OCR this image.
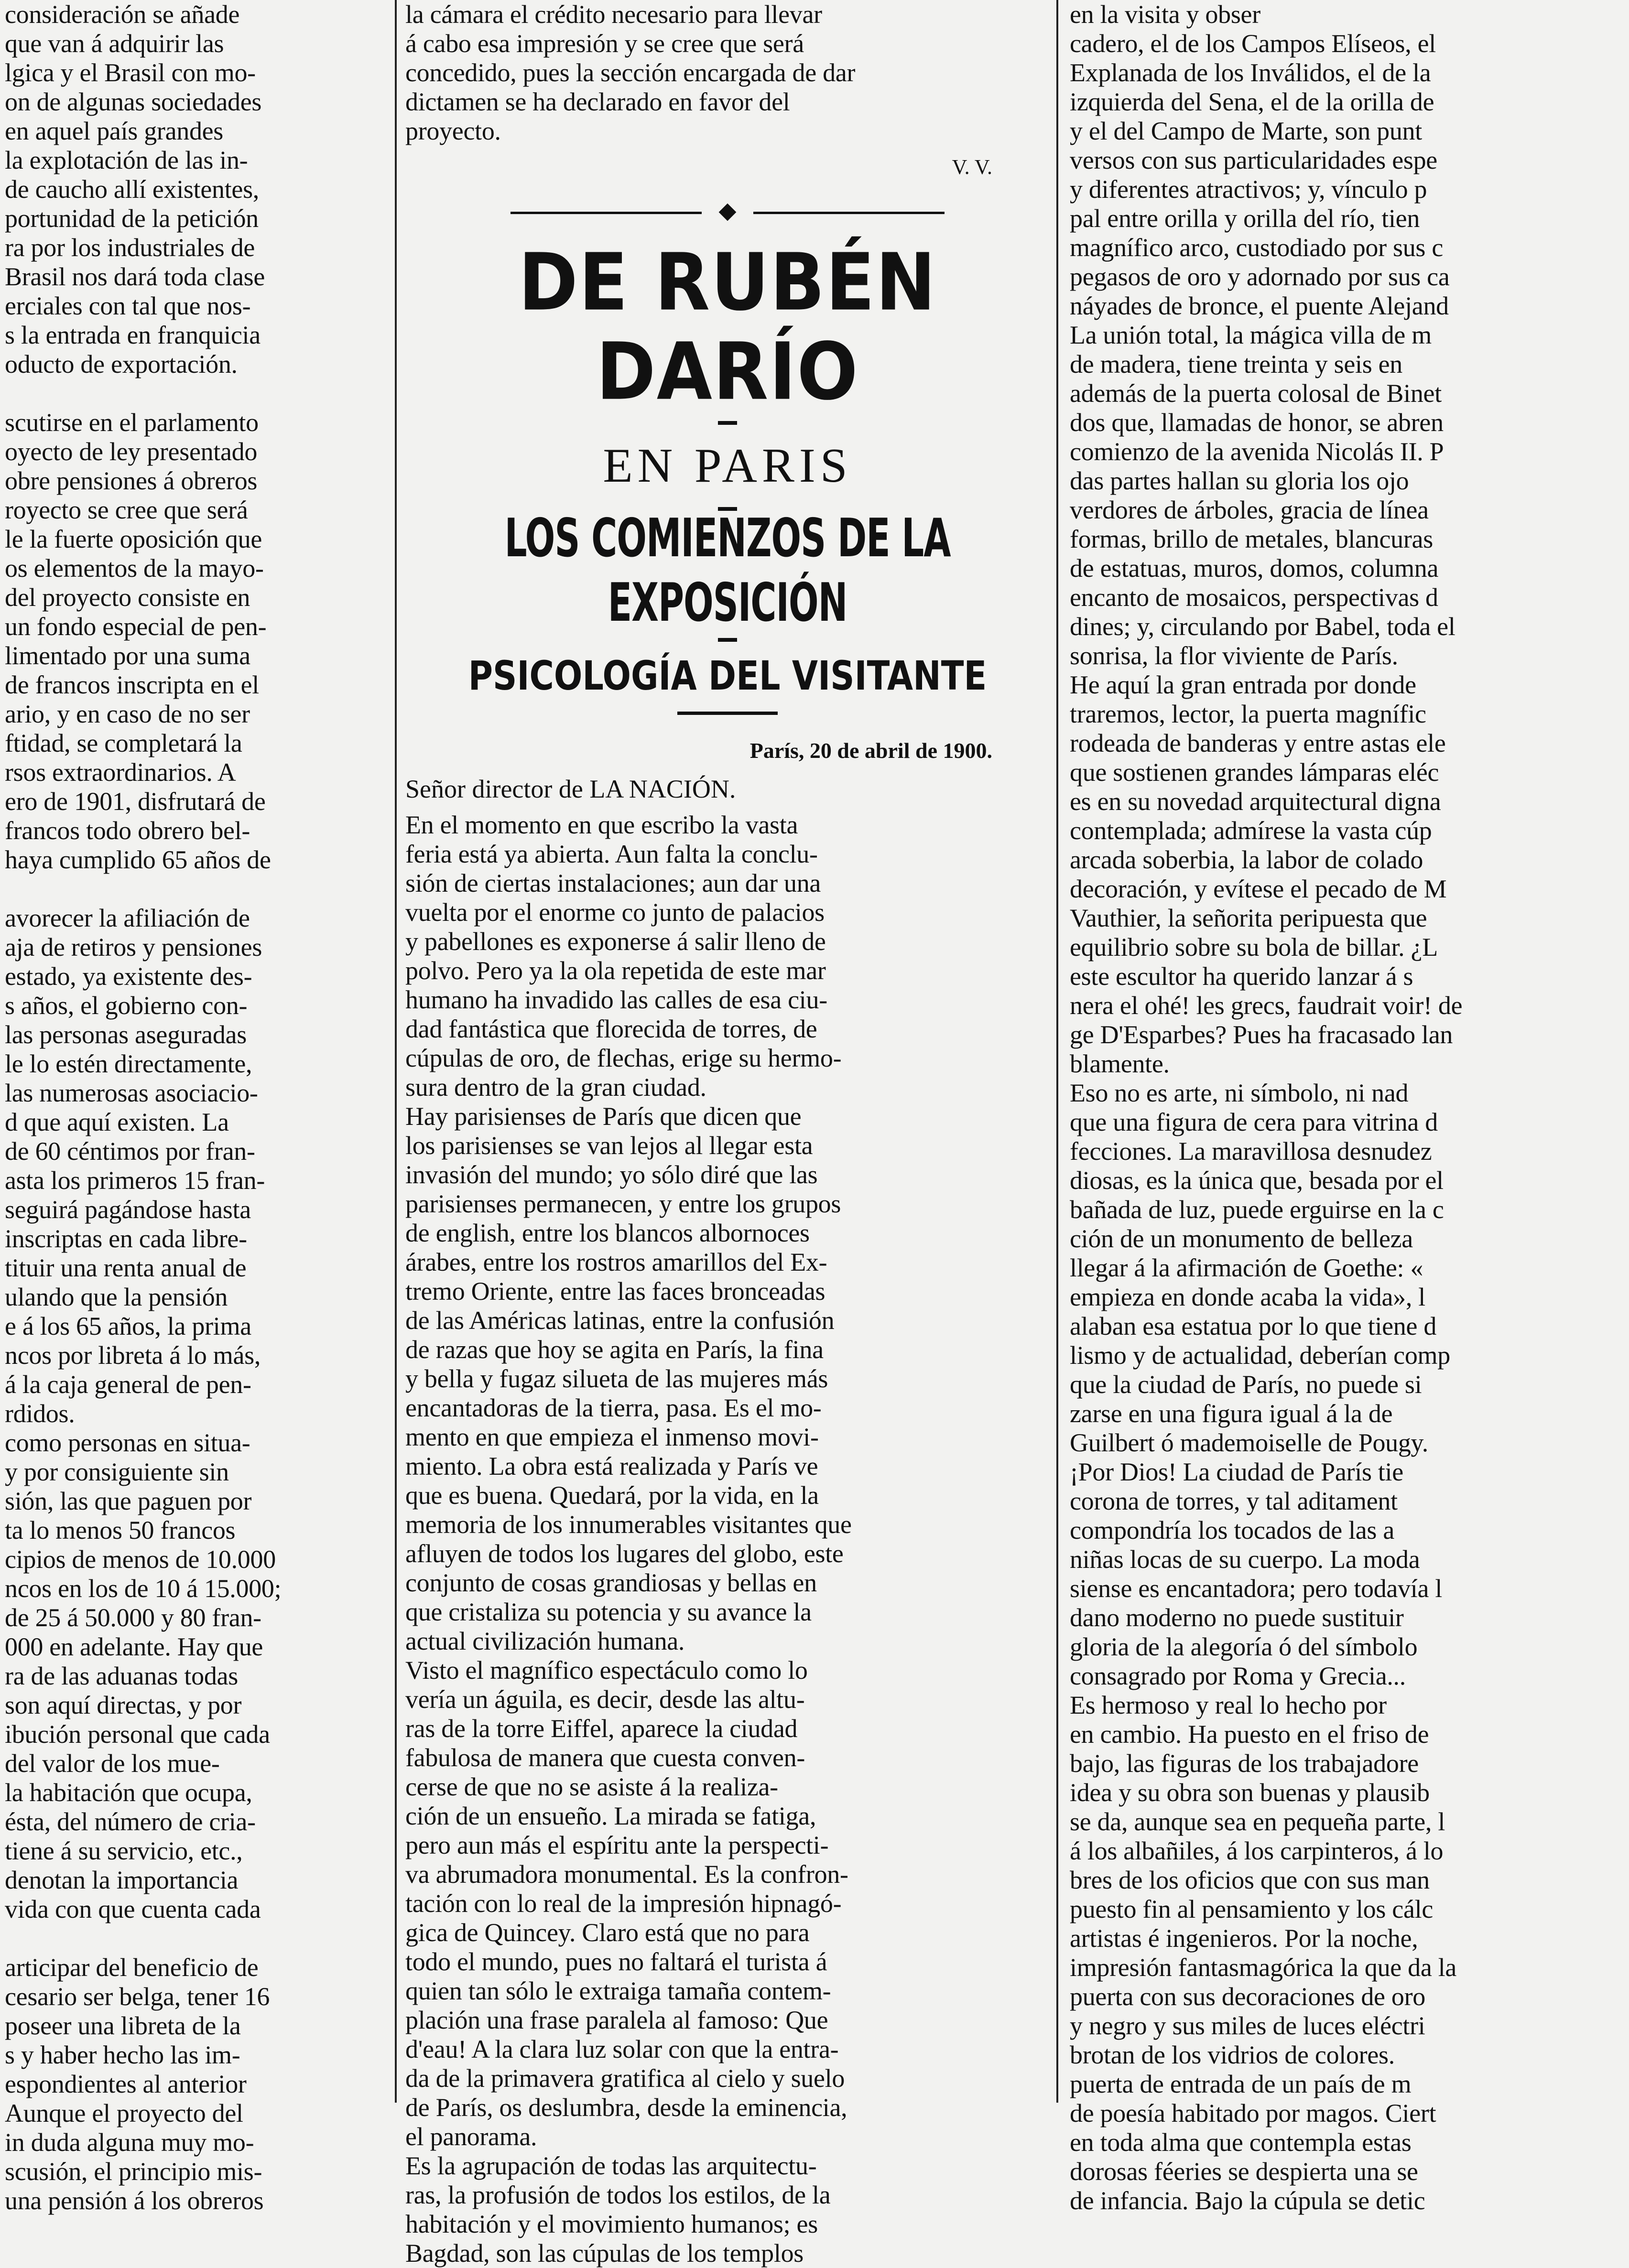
consideración se añade
que van á adquirir las
lgica y el Brasil con mo-
on de algunas sociedades
en aquel país grandes
la explotación de las in-
de caucho allí existentes,
portunidad de la petición
ra por los industriales de
Brasil nos dará toda clase
erciales con tal que nos-
s la entrada en franquicia
oducto de exportación.
scutirse en el parlamento
oyecto de ley presentado
obre pensiones á obreros
royecto se cree que será
le la fuerte oposición que
os elementos de la mayo-
del proyecto consiste en
un fondo especial de pen-
limentado por una suma
de francos inscripta en el
ario, y en caso de no ser
ftidad, se completará la
rsos extraordinarios. A
ero de 1901, disfrutará de
francos todo obrero bel-
haya cumplido 65 años de
avorecer la afiliación de
aja de retiros y pensiones
estado, ya existente des-
s años, el gobierno con-
las personas aseguradas
le lo estén directamente,
las numerosas asociacio-
d que aquí existen. La
de 60 céntimos por fran-
asta los primeros 15 fran-
seguirá pagándose hasta
inscriptas en cada libre-
tituir una renta anual de
ulando que la pensión
e á los 65 años, la prima
ncos por libreta á lo más,
á la caja general de pen-
rdidos.
como personas en situa-
y por consiguiente sin
sión, las que paguen por
ta lo menos 50 francos
cipios de menos de 10.000
ncos en los de 10 á 15.000;
de 25 á 50.000 y 80 fran-
000 en adelante. Hay que
ra de las aduanas todas
son aquí directas, y por
ibución personal que cada
del valor de los mue-
la habitación que ocupa,
ésta, del número de cria-
tiene á su servicio, etc.,
denotan la importancia
vida con que cuenta cada
articipar del beneficio de
cesario ser belga, tener 16
poseer una libreta de la
s y haber hecho las im-
espondientes al anterior
Aunque el proyecto del
in duda alguna muy mo-
scusión, el principio mis-
una pensión á los obreros
la cámara el crédito necesario para llevar
á cabo esa impresión y se cree que será
concedido, pues la sección encargada de dar
dictamen se ha declarado en favor del
proyecto.
V. V.
DE RUBÉN DARÍO
EN PARIS
LOS COMIENZOS DE LA EXPOSICIÓN
PSICOLOGÍA DEL VISITANTE
París, 20 de abril de 1900.
Señor director de LA NACIÓN.
En el momento en que escribo la vasta
feria está ya abierta. Aun falta la conclu-
sión de ciertas instalaciones; aun dar una
vuelta por el enorme co junto de palacios
y pabellones es exponerse á salir lleno de
polvo. Pero ya la ola repetida de este mar
humano ha invadido las calles de esa ciu-
dad fantástica que florecida de torres, de
cúpulas de oro, de flechas, erige su hermo-
sura dentro de la gran ciudad.
Hay parisienses de París que dicen que
los parisienses se van lejos al llegar esta
invasión del mundo; yo sólo diré que las
parisienses permanecen, y entre los grupos
de english, entre los blancos albornoces
árabes, entre los rostros amarillos del Ex-
tremo Oriente, entre las faces bronceadas
de las Américas latinas, entre la confusión
de razas que hoy se agita en París, la fina
y bella y fugaz silueta de las mujeres más
encantadoras de la tierra, pasa. Es el mo-
mento en que empieza el inmenso movi-
miento. La obra está realizada y París ve
que es buena. Quedará, por la vida, en la
memoria de los innumerables visitantes que
afluyen de todos los lugares del globo, este
conjunto de cosas grandiosas y bellas en
que cristaliza su potencia y su avance la
actual civilización humana.
Visto el magnífico espectáculo como lo
vería un águila, es decir, desde las altu-
ras de la torre Eiffel, aparece la ciudad
fabulosa de manera que cuesta conven-
cerse de que no se asiste á la realiza-
ción de un ensueño. La mirada se fatiga,
pero aun más el espíritu ante la perspecti-
va abrumadora monumental. Es la confron-
tación con lo real de la impresión hipnagó-
gica de Quincey. Claro está que no para
todo el mundo, pues no faltará el turista á
quien tan sólo le extraiga tamaña contem-
plación una frase paralela al famoso: Que
d'eau! A la clara luz solar con que la entra-
da de la primavera gratifica al cielo y suelo
de París, os deslumbra, desde la eminencia,
el panorama.
Es la agrupación de todas las arquitectu-
ras, la profusión de todos los estilos, de la
habitación y el movimiento humanos; es
Bagdad, son las cúpulas de los templos
en la visita y obser
cadero, el de los Campos Elíseos, el
Explanada de los Inválidos, el de la
izquierda del Sena, el de la orilla de
y el del Campo de Marte, son punt
versos con sus particularidades espe
y diferentes atractivos; y, vínculo p
pal entre orilla y orilla del río, tien
magnífico arco, custodiado por sus c
pegasos de oro y adornado por sus ca
náyades de bronce, el puente Alejand
La unión total, la mágica villa de m
de madera, tiene treinta y seis en
además de la puerta colosal de Binet
dos que, llamadas de honor, se abren
comienzo de la avenida Nicolás II. P
das partes hallan su gloria los ojo
verdores de árboles, gracia de línea
formas, brillo de metales, blancuras
de estatuas, muros, domos, columna
encanto de mosaicos, perspectivas d
dines; y, circulando por Babel, toda el
sonrisa, la flor viviente de París.
He aquí la gran entrada por donde
traremos, lector, la puerta magnífic
rodeada de banderas y entre astas ele
que sostienen grandes lámparas eléc
es en su novedad arquitectural digna
contemplada; admírese la vasta cúp
arcada soberbia, la labor de colado
decoración, y evítese el pecado de M
Vauthier, la señorita peripuesta que
equilibrio sobre su bola de billar. ¿L
este escultor ha querido lanzar á s
nera el ohé! les grecs, faudrait voir! de
ge D'Esparbes? Pues ha fracasado lan
blamente.
Eso no es arte, ni símbolo, ni nad
que una figura de cera para vitrina d
fecciones. La maravillosa desnudez
diosas, es la única que, besada por el
bañada de luz, puede erguirse en la c
ción de un monumento de belleza
llegar á la afirmación de Goethe: «
empieza en donde acaba la vida», l
alaban esa estatua por lo que tiene d
lismo y de actualidad, deberían comp
que la ciudad de París, no puede si
zarse en una figura igual á la de
Guilbert ó mademoiselle de Pougy.
¡Por Dios! La ciudad de París tie
corona de torres, y tal aditament
compondría los tocados de las a
niñas locas de su cuerpo. La moda
siense es encantadora; pero todavía l
dano moderno no puede sustituir
gloria de la alegoría ó del símbolo
consagrado por Roma y Grecia...
Es hermoso y real lo hecho por
en cambio. Ha puesto en el friso de
bajo, las figuras de los trabajadore
idea y su obra son buenas y plausib
se da, aunque sea en pequeña parte, l
á los albañiles, á los carpinteros, á lo
bres de los oficios que con sus man
puesto fin al pensamiento y los cálc
artistas é ingenieros. Por la noche,
impresión fantasmagórica la que da la
puerta con sus decoraciones de oro
y negro y sus miles de luces eléctri
brotan de los vidrios de colores.
puerta de entrada de un país de m
de poesía habitado por magos. Ciert
en toda alma que contempla estas
dorosas féeries se despierta una se
de infancia. Bajo la cúpula se detic
